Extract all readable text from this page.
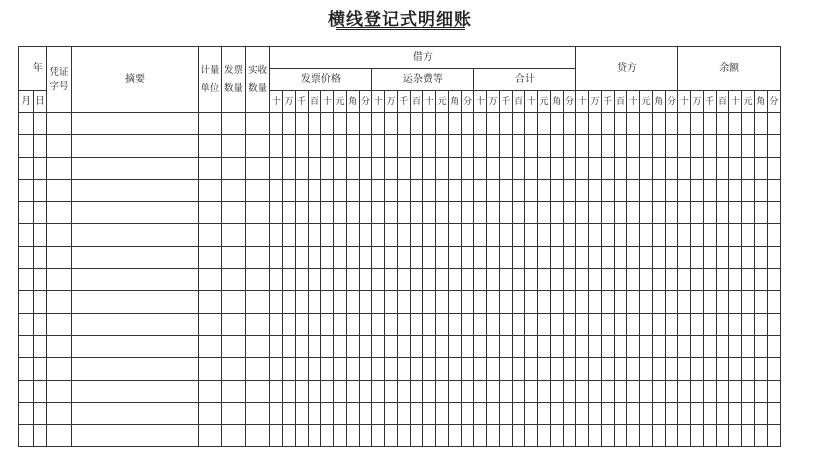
横线登记式明细账
年		凭证字号	摘要	计量单位	发票数量	实收数量	借方																								贷方								余额							
							发票价格								运杂费等								合计																							
月	日						十	万	千	百	十	元	角	分	十	万	千	百	十	元	角	分	十	万	千	百	十	元	角	分	十	万	千	百	十	元	角	分	十	万	千	百	十	元	角	分
